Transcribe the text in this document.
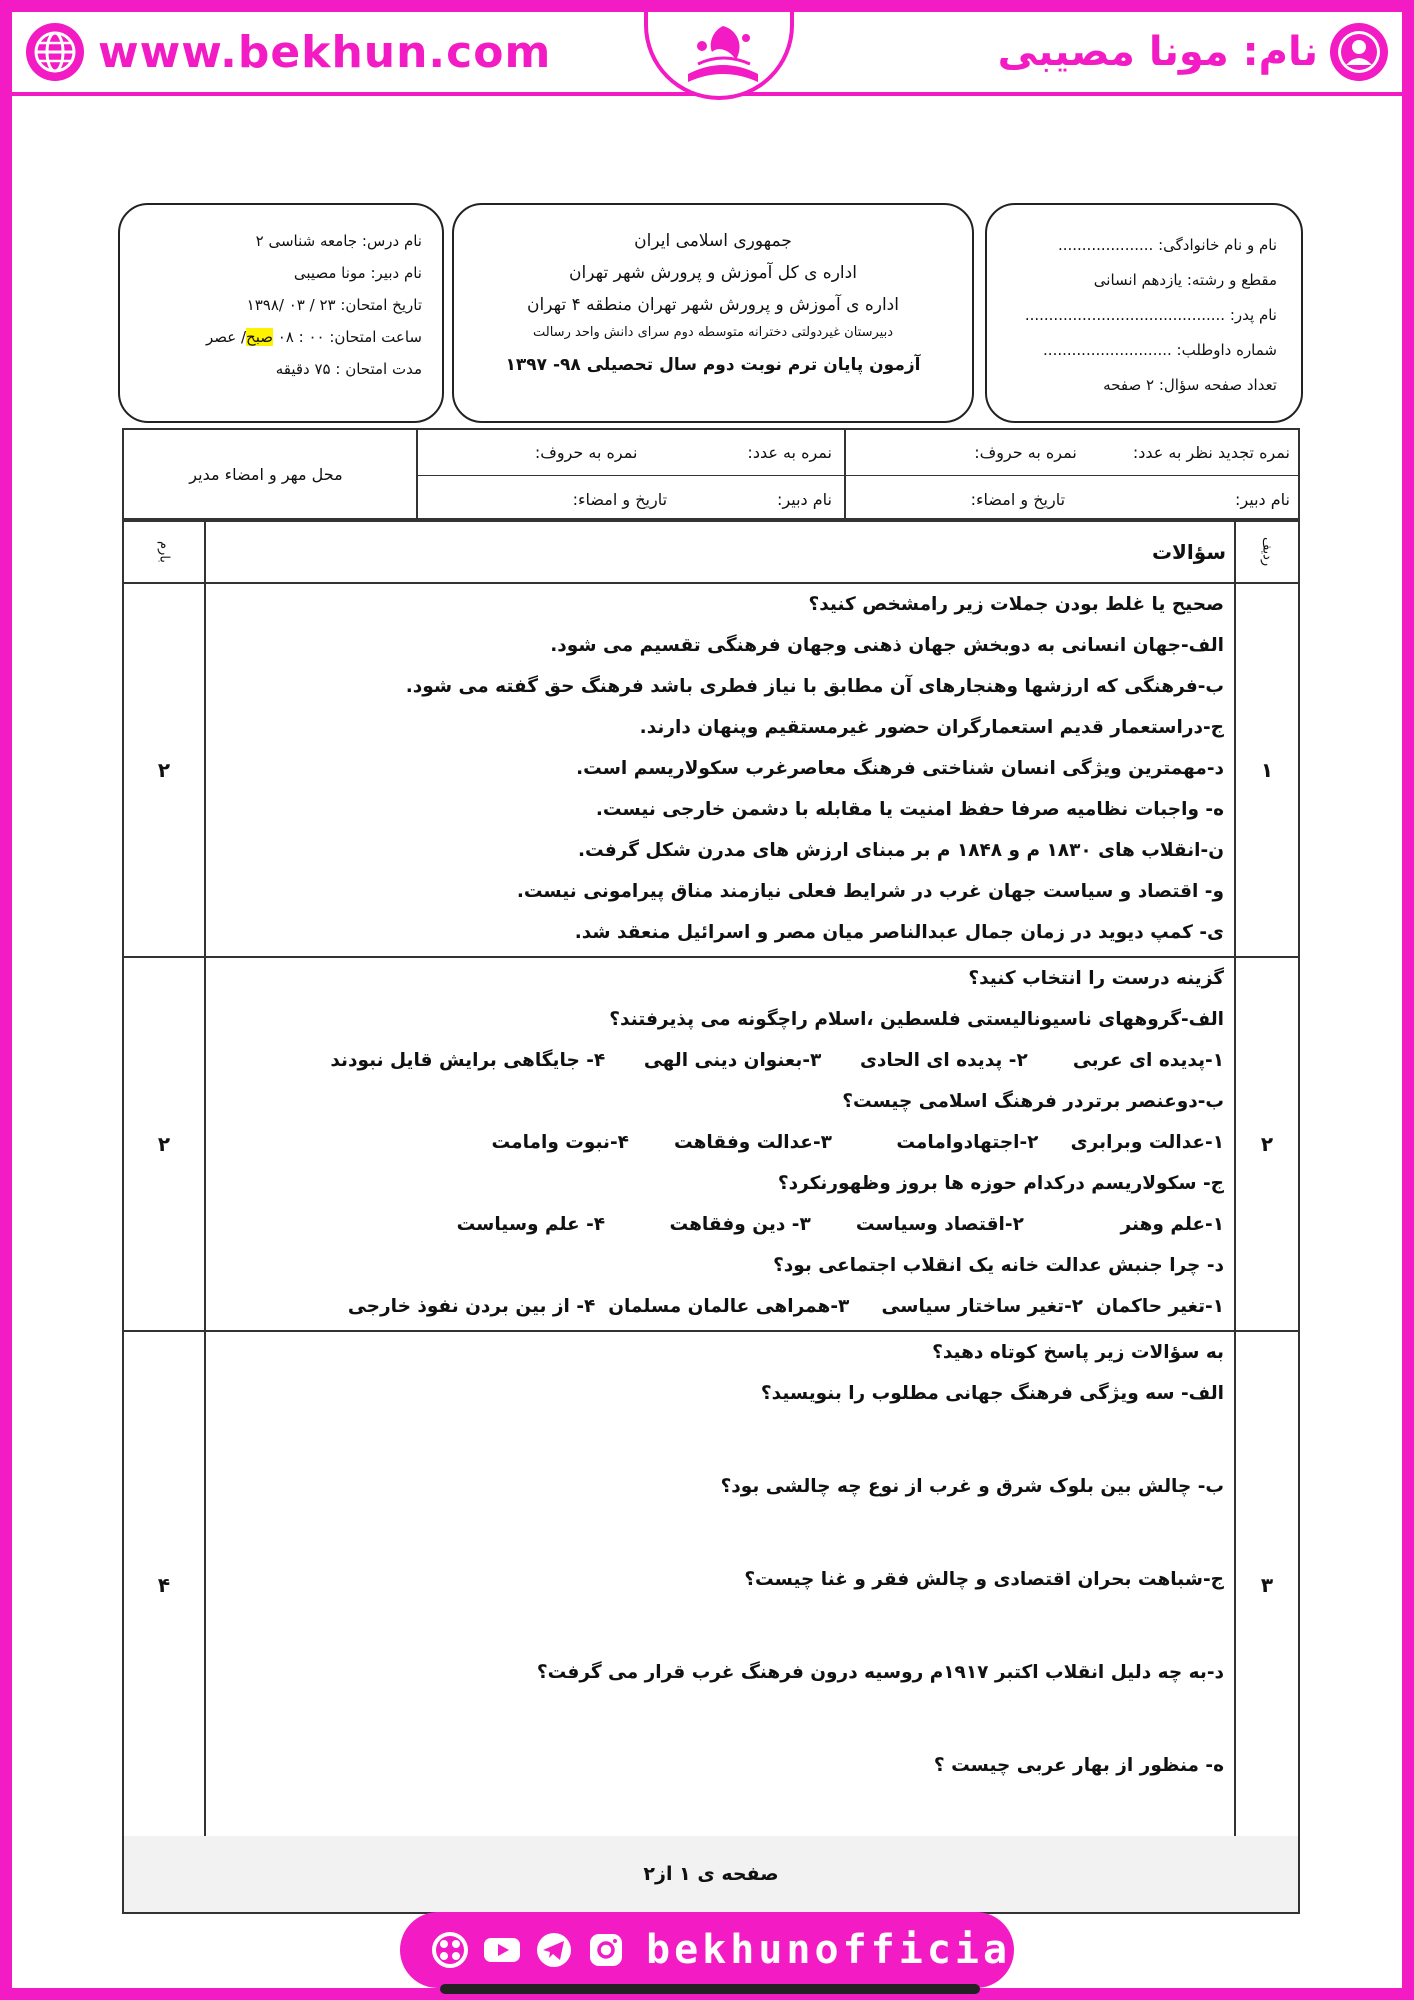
www.bekhun.com	نام: مونا مصیبی
نام و نام خانوادگی: ....................
مقطع و رشته: یازدهم انسانی
نام پدر: ..........................................
شماره داوطلب: ...........................
تعداد صفحه سؤال: ۲ صفحه
جمهوری اسلامی ایران
اداره ی کل آموزش و پرورش شهر تهران
اداره ی آموزش و پرورش شهر تهران منطقه ۴ تهران
دبیرستان غیردولتی دخترانه متوسطه دوم سرای دانش واحد رسالت
آزمون پایان ترم نوبت دوم سال تحصیلی ۹۸- ۱۳۹۷
نام درس: جامعه شناسی ۲
نام دبیر: مونا مصیبی
تاریخ امتحان: ۲۳ / ۰۳ /۱۳۹۸
ساعت امتحان: ۰۰ : ۰۸ صبح/ عصر
مدت امتحان : ۷۵ دقیقه
نمره تجدید نظر به عدد:
نمره به حروف:
نام دبیر:
تاریخ و امضاء:
نمره به عدد:
نمره به حروف:
نام دبیر:
تاریخ و امضاء:
محل مهر و امضاء مدیر
ردیف
سؤالات
بارم
۱
۲
صحیح یا غلط بودن جملات زیر رامشخص کنید؟
الف-جهان انسانی به دوبخش جهان ذهنی وجهان فرهنگی تقسیم می شود.
ب-فرهنگی که ارزشها وهنجارهای آن مطابق با نیاز فطری باشد فرهنگ حق گفته می شود.
ج-دراستعمار قدیم استعمارگران حضور غیرمستقیم وپنهان دارند.
د-مهمترین ویژگی انسان شناختی فرهنگ معاصرغرب سکولاریسم است.
ه- واجبات نظامیه صرفا حفظ امنیت یا مقابله با دشمن خارجی نیست.
ن-انقلاب های ۱۸۳۰ م و ۱۸۴۸ م بر مبنای ارزش های مدرن شکل گرفت.
و- اقتصاد و سیاست جهان غرب در شرایط فعلی نیازمند مناق پیرامونی نیست.
ی- کمپ دیوید در زمان جمال عبدالناصر میان مصر و اسرائیل منعقد شد.
۲
۲
گزینه درست را انتخاب کنید؟
الف-گروههای ناسیونالیستی فلسطین ،اسلام راچگونه می پذیرفتند؟
۱-پدیده ای عربی       ۲- پدیده ای الحادی      ۳-بعنوان دینی الهی      ۴- جایگاهی برایش قایل نبودند
ب-دوعنصر برتردر فرهنگ اسلامی چیست؟
۱-عدالت وبرابری     ۲-اجتهادوامامت          ۳-عدالت وفقاهت       ۴-نبوت وامامت
ج- سکولاریسم درکدام حوزه ها بروز وظهورنکرد؟
۱-علم وهنر               ۲-اقتصاد وسیاست       ۳- دین وفقاهت          ۴- علم وسیاست
د- چرا جنبش عدالت خانه یک انقلاب اجتماعی بود؟
۱-تغیر حاکمان  ۲-تغیر ساختار سیاسی     ۳-همراهی عالمان مسلمان  ۴- از بین بردن نفوذ خارجی
۳
۴
به سؤالات زیر پاسخ کوتاه دهید؟
الف- سه ویژگی فرهنگ جهانی مطلوب را بنویسید؟
ب- چالش بین بلوک شرق و غرب از نوع چه چالشی بود؟
ج-شباهت بحران اقتصادی و چالش فقر و غنا چیست؟
د-به چه دلیل انقلاب اکتبر ۱۹۱۷م روسیه درون فرهنگ غرب قرار می گرفت؟
ه- منظور از بهار عربی چیست ؟
صفحه ی ۱ از۲
bekhunofficial
